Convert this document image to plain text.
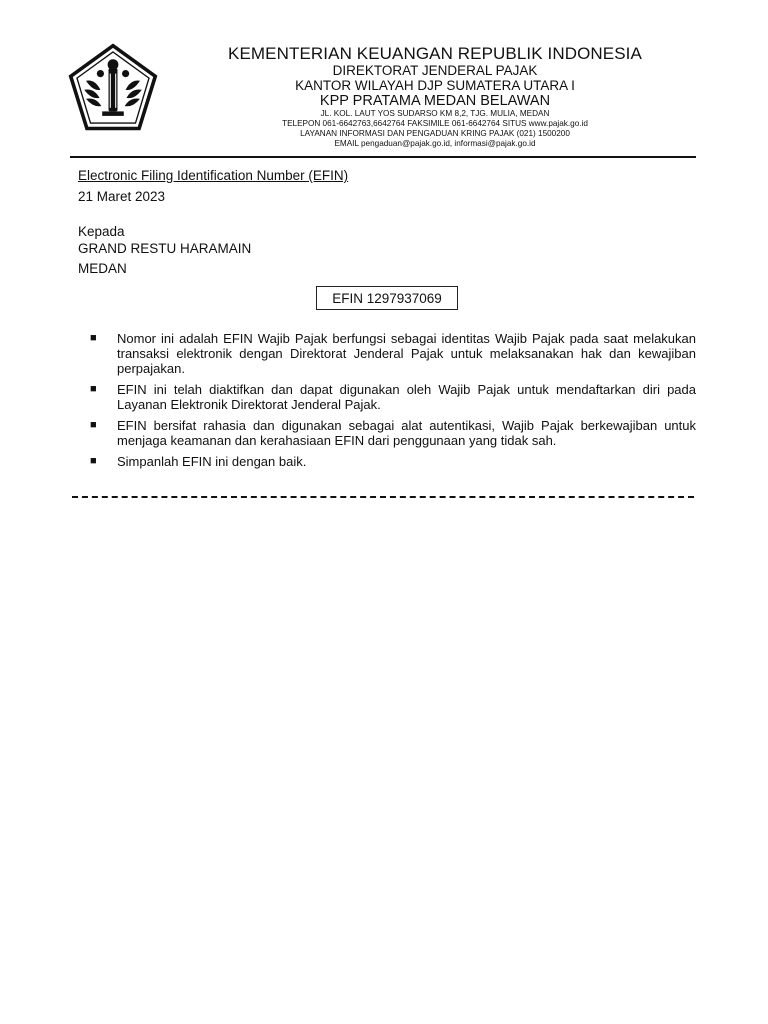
KEMENTERIAN KEUANGAN REPUBLIK INDONESIA
DIREKTORAT JENDERAL PAJAK
KANTOR WILAYAH DJP SUMATERA UTARA I
KPP PRATAMA MEDAN BELAWAN
JL. KOL. LAUT YOS SUDARSO KM 8,2, TJG. MULIA, MEDAN
TELEPON 061-6642763,6642764 FAKSIMILE 061-6642764 SITUS www.pajak.go.id
LAYANAN INFORMASI DAN PENGADUAN KRING PAJAK (021) 1500200
EMAIL pengaduan@pajak.go.id, informasi@pajak.go.id
Electronic Filing Identification Number (EFIN)
21 Maret 2023
Kepada
GRAND RESTU HARAMAIN
MEDAN
EFIN 1297937069
■ Nomor ini adalah EFIN Wajib Pajak berfungsi sebagai identitas Wajib Pajak pada saat melakukan transaksi elektronik dengan Direktorat Jenderal Pajak untuk melaksanakan hak dan kewajiban perpajakan.
■ EFIN ini telah diaktifkan dan dapat digunakan oleh Wajib Pajak untuk mendaftarkan diri pada Layanan Elektronik Direktorat Jenderal Pajak.
■ EFIN bersifat rahasia dan digunakan sebagai alat autentikasi, Wajib Pajak berkewajiban untuk menjaga keamanan dan kerahasiaan EFIN dari penggunaan yang tidak sah.
■ Simpanlah EFIN ini dengan baik.
